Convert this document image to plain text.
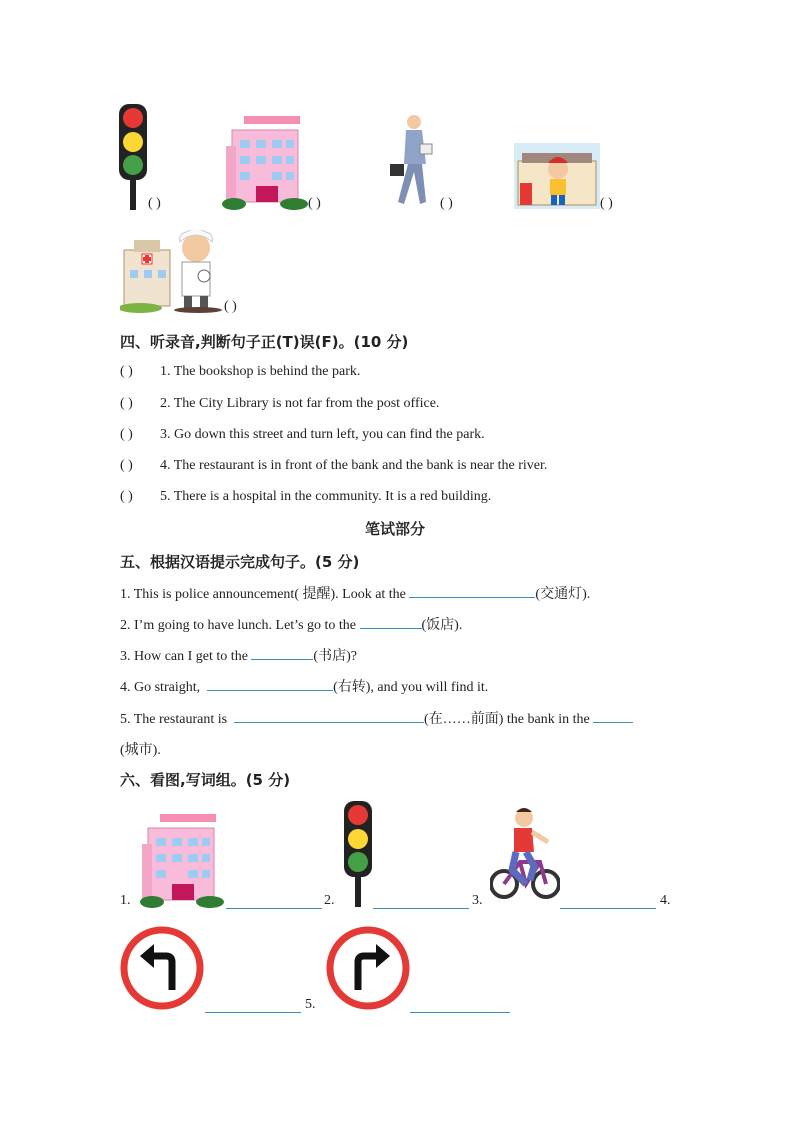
( )	( )	( )	( )
( )
四、听录音,判断句子正(T)误(F)。(10 分)
( ) 1. The bookshop is behind the park.
( ) 2. The City Library is not far from the post office.
( ) 3. Go down this street and turn left, you can find the park.
( ) 4. The restaurant is in front of the bank and the bank is near the river.
( ) 5. There is a hospital in the community. It is a red building.
笔试部分
五、根据汉语提示完成句子。(5 分)
1. This is police announcement( 提醒). Look at the	(交通灯).
2. I’m going to have lunch. Let’s go to the	(饭店).
3. How can I get to the	(书店)?
4. Go straight,	(右转), and you will find it.
5. The restaurant is	(在……前面) the bank in the
(城市).
六、看图,写词组。(5 分)
1.	2.	3.	4.
5.
